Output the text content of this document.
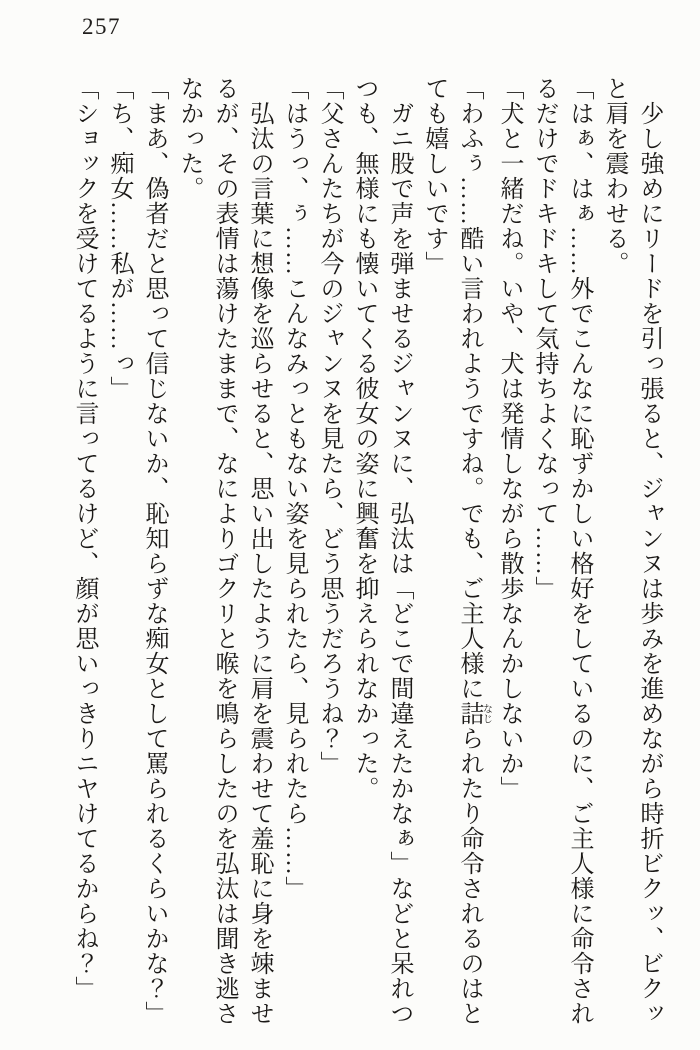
257

　少し強めにリードを引っ張ると、ジャンヌは歩みを進めながら時折ビクッ、ビクッ

と肩を震わせる。

「はぁ、はぁ……外でこんなに恥ずかしい格好をしているのに、ご主人様に命令され

るだけでドキドキして気持ちよくなって……」

「犬と一緒だね。いや、犬は発情しながら散歩なんかしないか」

「わふぅ……酷い言われようですね。でも、ご主人様に詰なじられたり命令されるのはと

ても嬉しいです」

　ガニ股で声を弾ませるジャンヌに、弘汰は「どこで間違えたかなぁ」などと呆れつ

つも、無様にも懐いてくる彼女の姿に興奮を抑えられなかった。

「父さんたちが今のジャンヌを見たら、どう思うだろうね？」

「はうっ、ぅ……こんなみっともない姿を見られたら、見られたら……」

　弘汰の言葉に想像を巡らせると、思い出したように肩を震わせて羞恥に身を竦ませ

るが、その表情は蕩けたままで、なによりゴクリと喉を鳴らしたのを弘汰は聞き逃さ

なかった。

「まあ、偽者だと思って信じないか、恥知らずな痴女として罵られるくらいかな？」

「ち、痴女……私が……っ」

「ショックを受けてるように言ってるけど、顔が思いっきりニヤけてるからね？」
